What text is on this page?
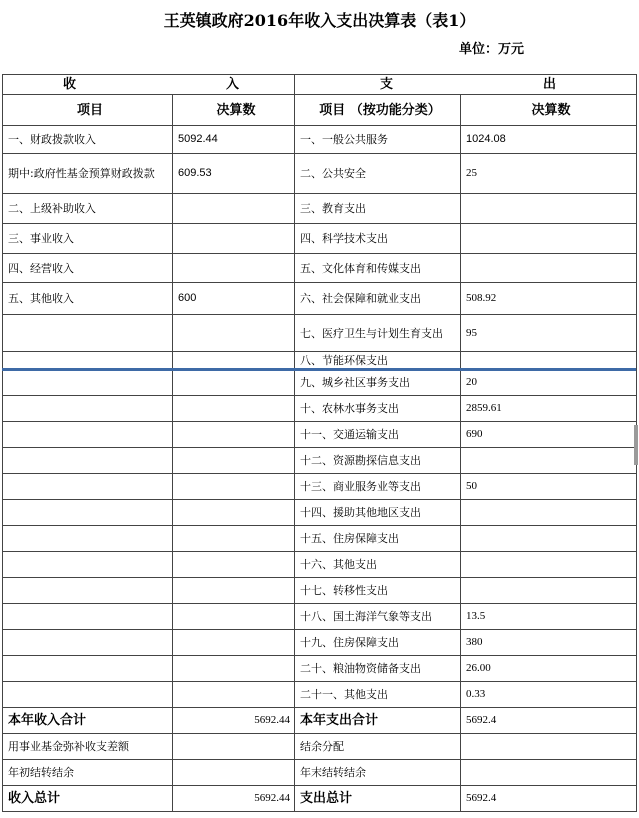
王英镇政府2016年收入支出决算表（表1）
单位：万元
收 入		支 出	
项目	决算数	项目 （按功能分类）	决算数
一、财政拨款收入	5092.44	一、一般公共服务	1024.08
期中:政府性基金预算财政拨款	609.53	二、公共安全	25
二、上级补助收入		三、教育支出	
三、事业收入		四、科学技术支出	
四、经营收入		五、文化体育和传媒支出	
五、其他收入	600	六、社会保障和就业支出	508.92
		七、医疗卫生与计划生育支出	95
		八、节能环保支出	
		九、城乡社区事务支出	20
		十、农林水事务支出	2859.61
		十一、交通运输支出	690
		十二、资源勘探信息支出	
		十三、商业服务业等支出	50
		十四、援助其他地区支出	
		十五、住房保障支出	
		十六、其他支出	
		十七、转移性支出	
		十八、国土海洋气象等支出	13.5
		十九、住房保障支出	380
		二十、粮油物资储备支出	26.00
		二十一、其他支出	0.33
本年收入合计	5692.44	本年支出合计	5692.4
用事业基金弥补收支差额		结余分配	
年初结转结余		年末结转结余	
收入总计	5692.44	支出总计	5692.4
